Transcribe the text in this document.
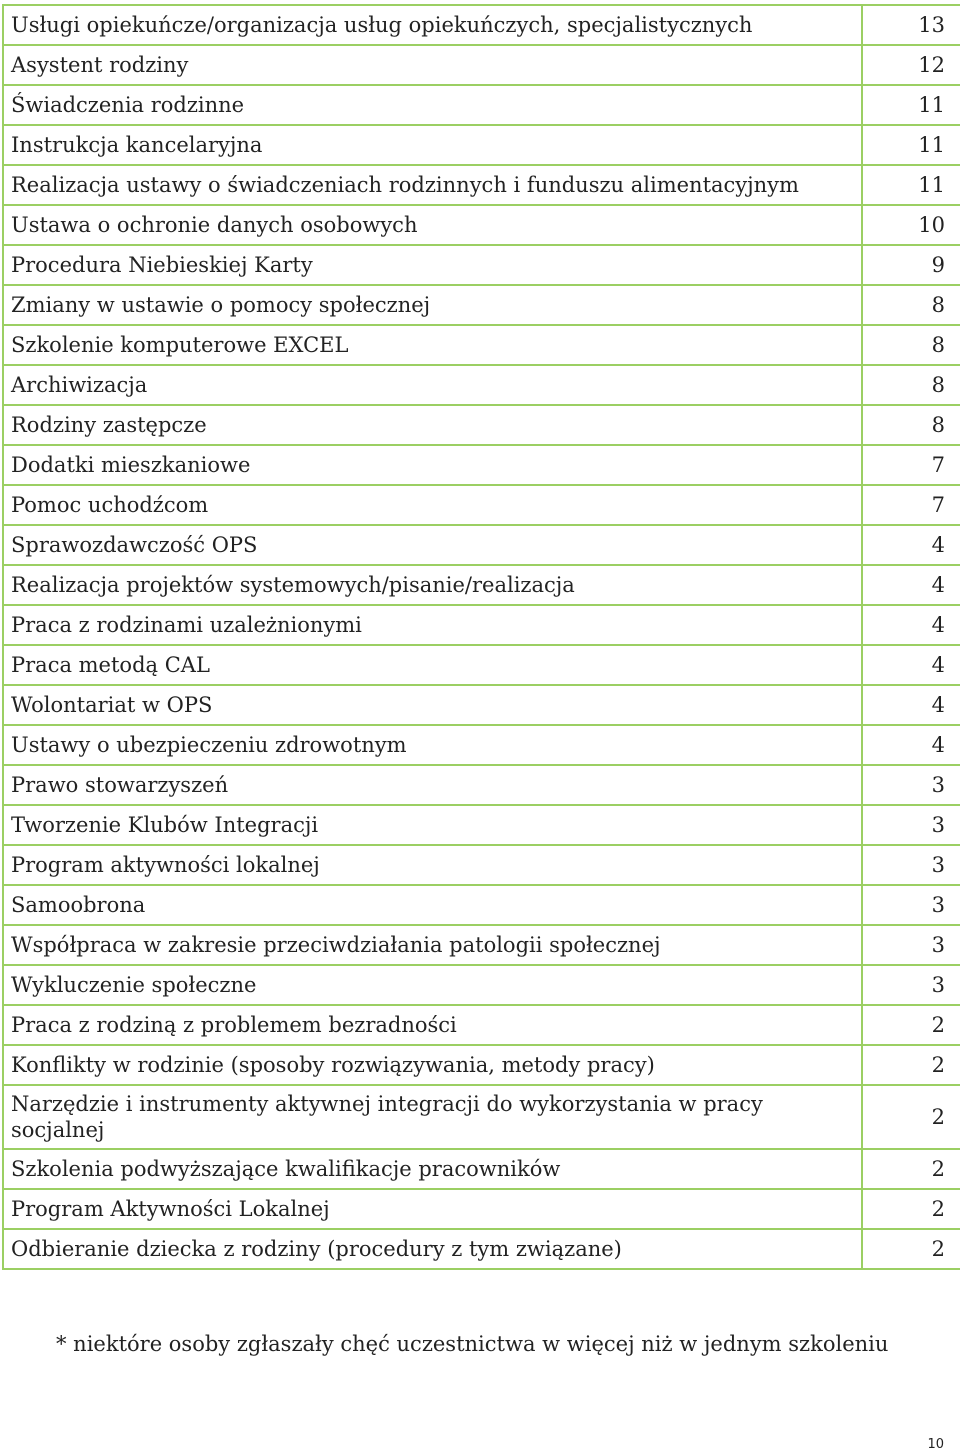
Usługi opiekuńcze/organizacja usług opiekuńczych, specjalistycznych	13
Asystent rodziny	12
Świadczenia rodzinne	11
Instrukcja kancelaryjna	11
Realizacja ustawy o świadczeniach rodzinnych i funduszu alimentacyjnym	11
Ustawa o ochronie danych osobowych	10
Procedura Niebieskiej Karty	9
Zmiany w ustawie o pomocy społecznej	8
Szkolenie komputerowe EXCEL	8
Archiwizacja	8
Rodziny zastępcze	8
Dodatki mieszkaniowe	7
Pomoc uchodźcom	7
Sprawozdawczość OPS	4
Realizacja projektów systemowych/pisanie/realizacja	4
Praca z rodzinami uzależnionymi	4
Praca metodą CAL	4
Wolontariat w OPS	4
Ustawy o ubezpieczeniu zdrowotnym	4
Prawo stowarzyszeń	3
Tworzenie Klubów Integracji	3
Program aktywności lokalnej	3
Samoobrona	3
Współpraca w zakresie przeciwdziałania patologii społecznej	3
Wykluczenie społeczne	3
Praca z rodziną z problemem bezradności	2
Konflikty w rodzinie (sposoby rozwiązywania, metody pracy)	2
Narzędzie i instrumenty aktywnej integracji do wykorzystania w pracy socjalnej	2
Szkolenia podwyższające kwalifikacje pracowników	2
Program Aktywności Lokalnej	2
Odbieranie dziecka z rodziny (procedury z tym związane)	2
* niektóre osoby zgłaszały chęć uczestnictwa w więcej niż w jednym szkoleniu
10
